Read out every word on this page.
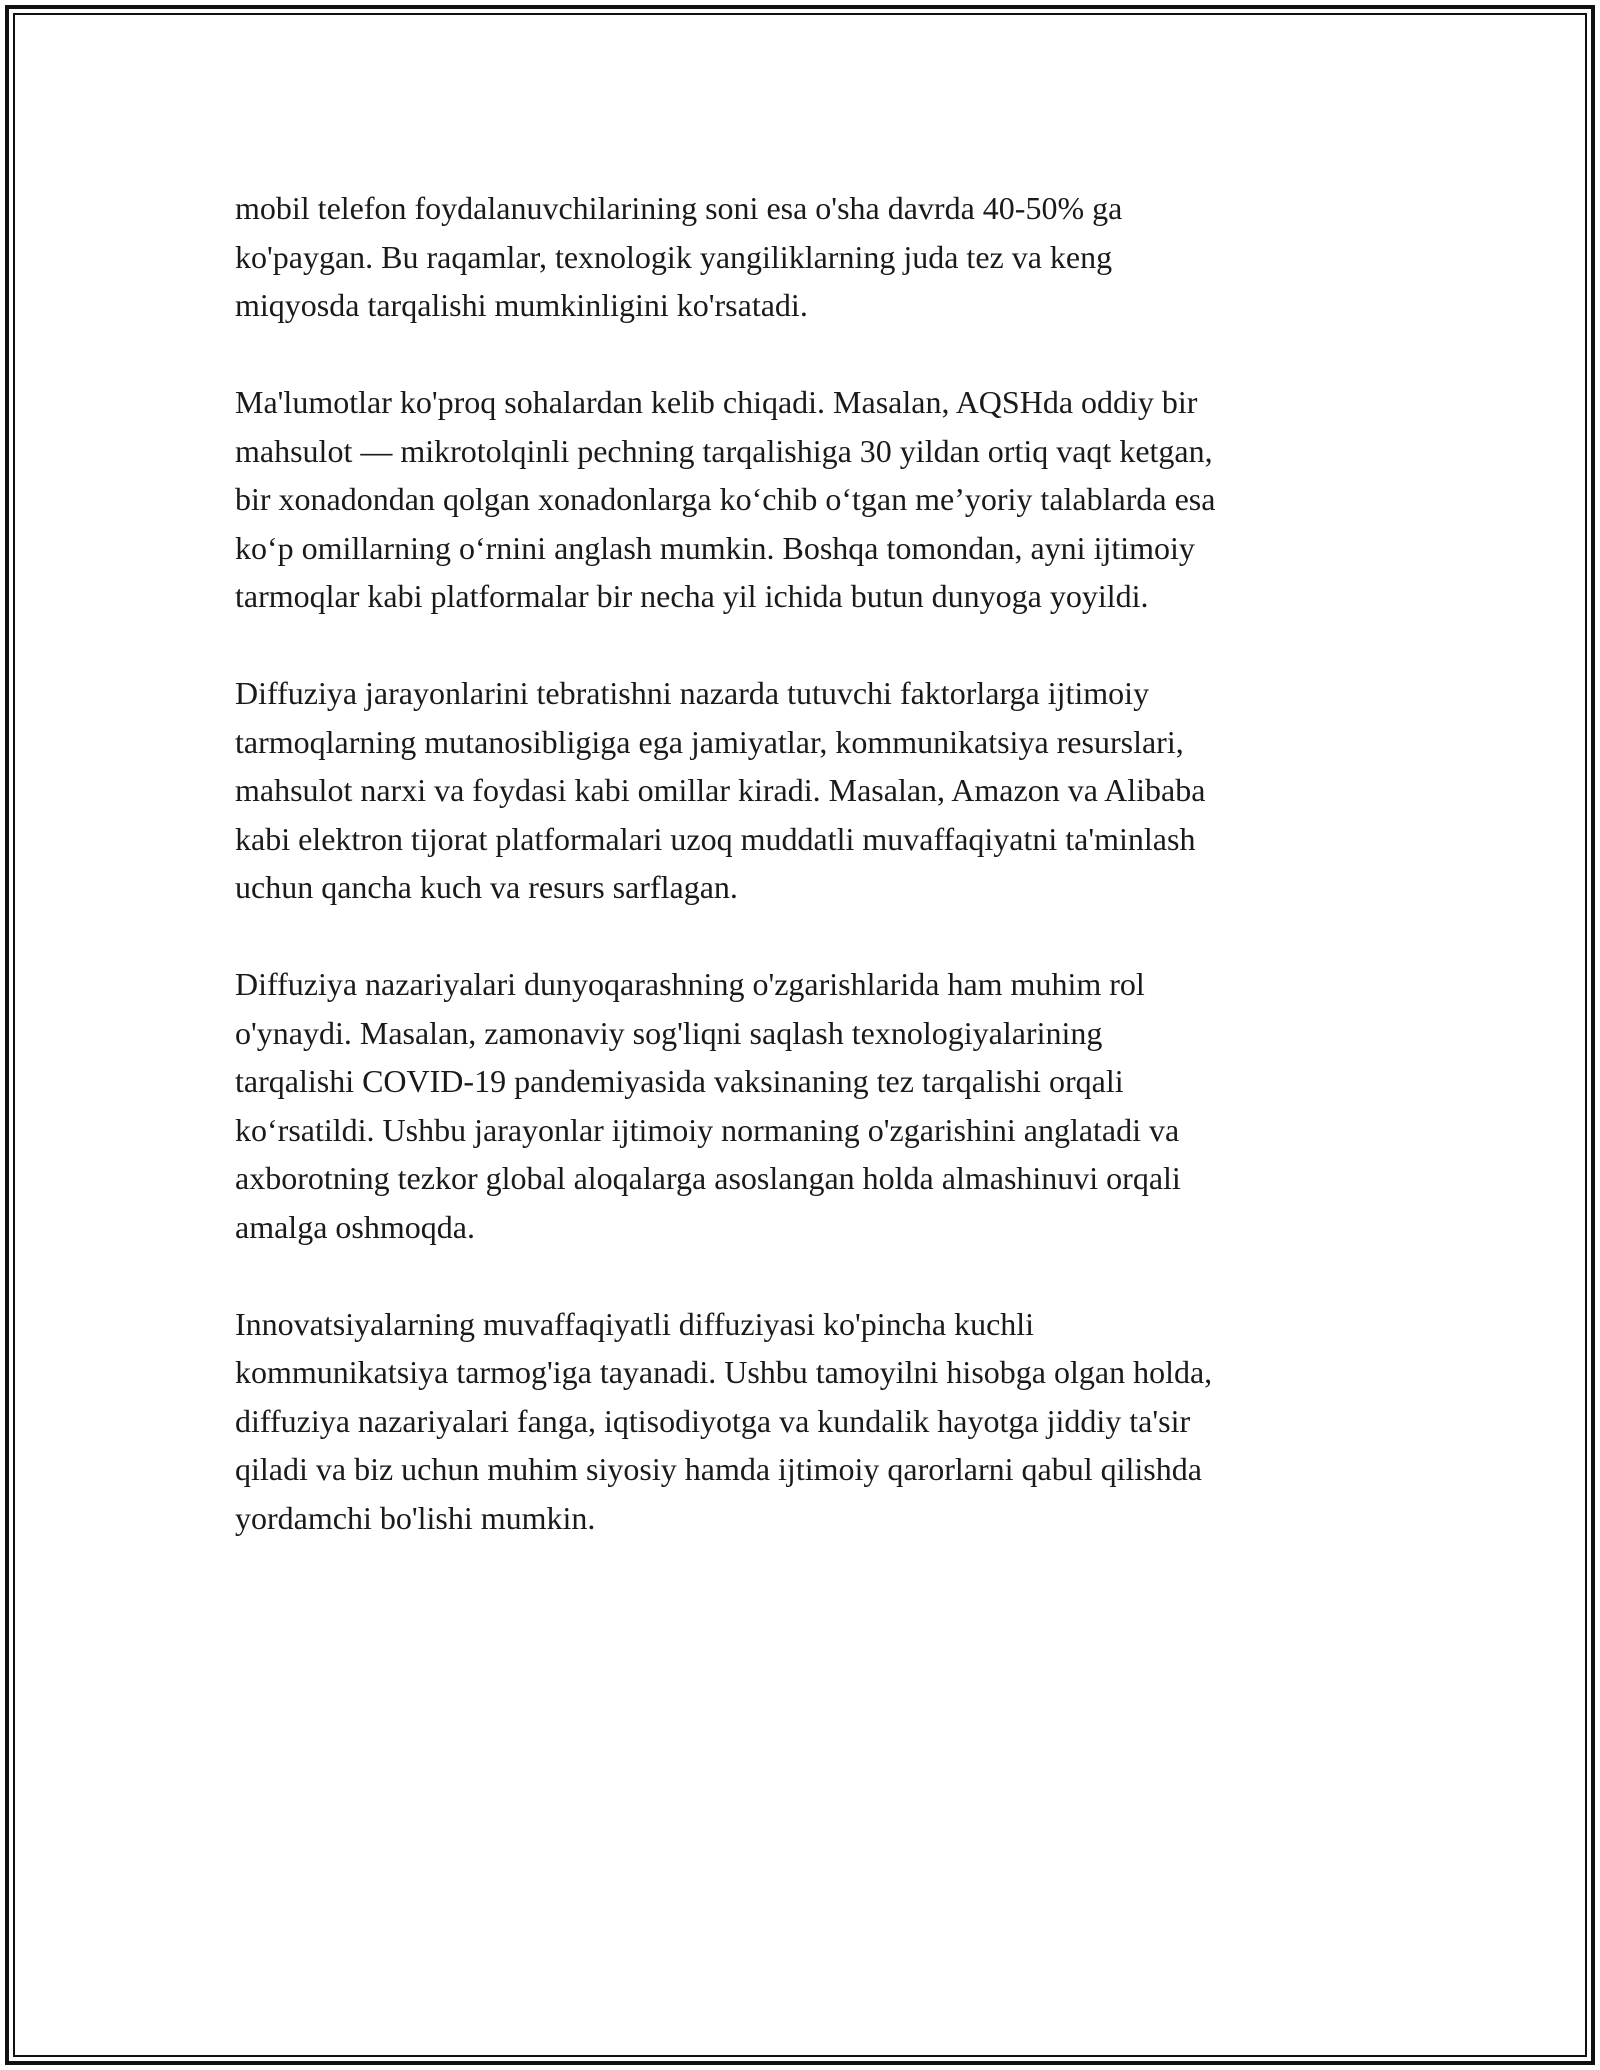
mobil telefon foydalanuvchilarining soni esa o'sha davrda 40-50% ga
ko'paygan. Bu raqamlar, texnologik yangiliklarning juda tez va keng
miqyosda tarqalishi mumkinligini ko'rsatadi.

Ma'lumotlar ko'proq sohalardan kelib chiqadi. Masalan, AQSHda oddiy bir
mahsulot — mikrotolqinli pechning tarqalishiga 30 yildan ortiq vaqt ketgan,
bir xonadondan qolgan xonadonlarga koʻchib oʻtgan me’yoriy talablarda esa
koʻp omillarning oʻrnini anglash mumkin. Boshqa tomondan, ayni ijtimoiy
tarmoqlar kabi platformalar bir necha yil ichida butun dunyoga yoyildi.

Diffuziya jarayonlarini tebratishni nazarda tutuvchi faktorlarga ijtimoiy
tarmoqlarning mutanosibligiga ega jamiyatlar, kommunikatsiya resurslari,
mahsulot narxi va foydasi kabi omillar kiradi. Masalan, Amazon va Alibaba
kabi elektron tijorat platformalari uzoq muddatli muvaffaqiyatni ta'minlash
uchun qancha kuch va resurs sarflagan.

Diffuziya nazariyalari dunyoqarashning o'zgarishlarida ham muhim rol
o'ynaydi. Masalan, zamonaviy sog'liqni saqlash texnologiyalarining
tarqalishi COVID-19 pandemiyasida vaksinaning tez tarqalishi orqali
koʻrsatildi. Ushbu jarayonlar ijtimoiy normaning o'zgarishini anglatadi va
axborotning tezkor global aloqalarga asoslangan holda almashinuvi orqali
amalga oshmoqda.

Innovatsiyalarning muvaffaqiyatli diffuziyasi ko'pincha kuchli
kommunikatsiya tarmog'iga tayanadi. Ushbu tamoyilni hisobga olgan holda,
diffuziya nazariyalari fanga, iqtisodiyotga va kundalik hayotga jiddiy ta'sir
qiladi va biz uchun muhim siyosiy hamda ijtimoiy qarorlarni qabul qilishda
yordamchi bo'lishi mumkin.
